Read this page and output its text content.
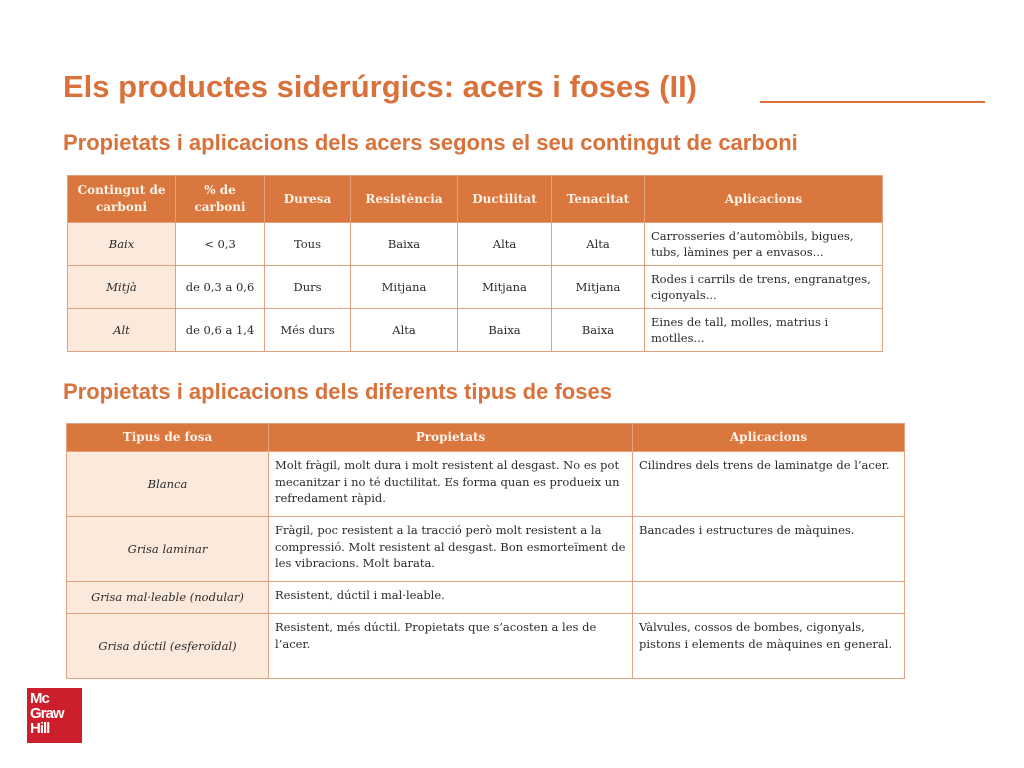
Els productes siderúrgics: acers i foses (II)
Propietats i aplicacions dels acers segons el seu contingut de carboni
Contingut de carboni	% de carboni	Duresa	Resistència	Ductilitat	Tenacitat	Aplicacions
Baix	< 0,3	Tous	Baixa	Alta	Alta	Carrosseries d’automòbils, bigues, tubs, làmines per a envasos...
Mitjà	de 0,3 a 0,6	Durs	Mitjana	Mitjana	Mitjana	Rodes i carrils de trens, engranatges, cigonyals...
Alt	de 0,6 a 1,4	Més durs	Alta	Baixa	Baixa	Eines de tall, molles, matrius i motlles...
Propietats i aplicacions dels diferents tipus de foses
Tipus de fosa	Propietats	Aplicacions
Blanca	Molt fràgil, molt dura i molt resistent al desgast. No es pot mecanitzar i no té ductilitat. Es forma quan es produeix un refredament ràpid.	Cilindres dels trens de laminatge de l’acer.
Grisa laminar	Fràgil, poc resistent a la tracció però molt resistent a la compressió. Molt resistent al desgast. Bon esmorteïment de les vibracions. Molt barata.	Bancades i estructures de màquines.
Grisa mal·leable (nodular)	Resistent, dúctil i mal·leable.	
Grisa dúctil (esferoïdal)	Resistent, més dúctil. Propietats que s’acosten a les de l’acer.	Vàlvules, cossos de bombes, cigonyals, pistons i elements de màquines en general.
Mc
Graw
Hill
